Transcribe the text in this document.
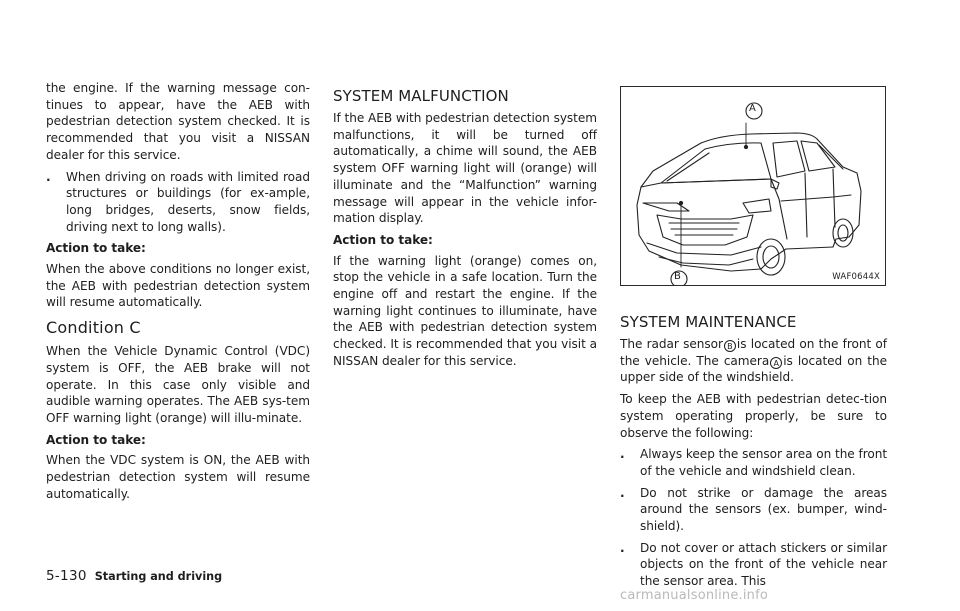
the engine. If the warning message con-tinues to appear, have the AEB with pedestrian detection system checked. It is recommended that you visit a NISSAN dealer for this service.

. When driving on roads with limited road structures or buildings (for ex-ample, long bridges, deserts, snow fields, driving next to long walls).

Action to take:

When the above conditions no longer exist, the AEB with pedestrian detection system will resume automatically.

Condition C

When the Vehicle Dynamic Control (VDC) system is OFF, the AEB brake will not operate. In this case only visible and audible warning operates. The AEB sys-tem OFF warning light (orange) will illu-minate.

Action to take:

When the VDC system is ON, the AEB with pedestrian detection system will resume automatically.

SYSTEM MALFUNCTION

If the AEB with pedestrian detection system malfunctions, it will be turned off automatically, a chime will sound, the AEB system OFF warning light will (orange) will illuminate and the “Malfunction” warning message will appear in the vehicle infor-mation display.

Action to take:

If the warning light (orange) comes on, stop the vehicle in a safe location. Turn the engine off and restart the engine. If the warning light continues to illuminate, have the AEB with pedestrian detection system checked. It is recommended that you visit a NISSAN dealer for this service.

A
B	WAF0644X
SYSTEM MAINTENANCE

The radar sensor B is located on the front of the vehicle. The camera A is located on the upper side of the windshield.

To keep the AEB with pedestrian detec-tion system operating properly, be sure to observe the following:

. Always keep the sensor area on the front of the vehicle and windshield clean.
. Do not strike or damage the areas around the sensors (ex. bumper, wind-shield).
. Do not cover or attach stickers or similar objects on the front of the vehicle near the sensor area. This
5-130 Starting and driving
carmanualsonline.info
